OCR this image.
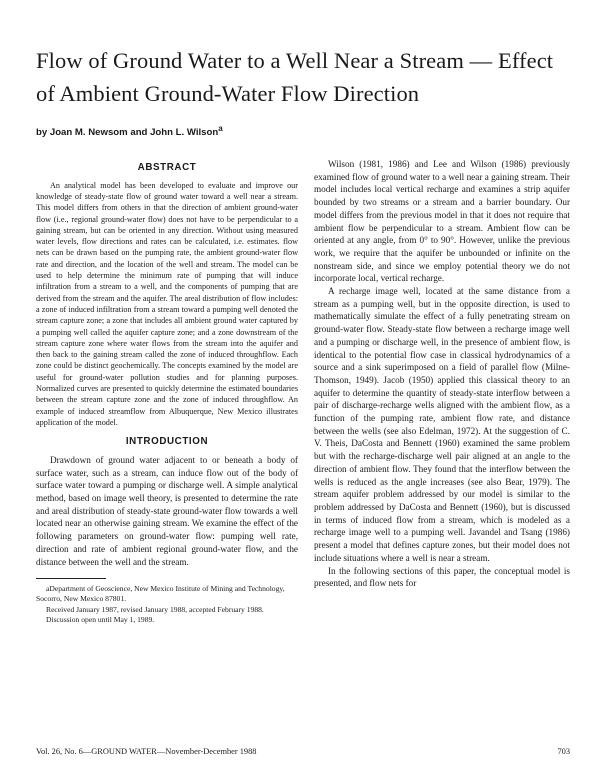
Flow of Ground Water to a Well Near a Stream — Effect of Ambient Ground-Water Flow Direction
by Joan M. Newsom and John L. Wilson$^a$
ABSTRACT

An analytical model has been developed to evaluate and improve our knowledge of steady-state flow of ground water toward a well near a stream. This model differs from others in that the direction of ambient ground-water flow (i.e., regional ground-water flow) does not have to be perpendicular to a gaining stream, but can be oriented in any direction. Without using measured water levels, flow directions and rates can be calculated, i.e. estimates. flow nets can be drawn based on the pumping rate, the ambient ground-water flow rate and direction, and the location of the well and stream. The model can be used to help determine the minimum rate of pumping that will induce infiltration from a stream to a well, and the components of pumping that are derived from the stream and the aquifer. The areal distribution of flow includes: a zone of induced infiltration from a stream toward a pumping well denoted the stream capture zone; a zone that includes all ambient ground water captured by a pumping well called the aquifer capture zone; and a zone downstream of the stream capture zone where water flows from the stream into the aquifer and then back to the gaining stream called the zone of induced throughflow. Each zone could be distinct geochemically. The concepts examined by the model are useful for ground-water pollution studies and for planning purposes. Normalized curves are presented to quickly determine the estimated boundaries between the stream capture zone and the zone of induced throughflow. An example of induced streamflow from Albuquerque, New Mexico illustrates application of the model.

INTRODUCTION

Drawdown of ground water adjacent to or beneath a body of surface water, such as a stream, can induce flow out of the body of surface water toward a pumping or discharge well. A simple analytical method, based on image well theory, is presented to determine the rate and areal distribution of steady-state ground-water flow towards a well located near an otherwise gaining stream. We examine the effect of the following parameters on ground-water flow: pumping well rate, direction and rate of ambient regional ground-water flow, and the distance between the well and the stream.

aDepartment of Geoscience, New Mexico Institute of Mining and Technology, Socorro, New Mexico 87801.

Received January 1987, revised January 1988, accepted February 1988.

Discussion open until May 1, 1989.

Wilson (1981, 1986) and Lee and Wilson (1986) previously examined flow of ground water to a well near a gaining stream. Their model includes local vertical recharge and examines a strip aquifer bounded by two streams or a stream and a barrier boundary. Our model differs from the previous model in that it does not require that ambient flow be perpendicular to a stream. Ambient flow can be oriented at any angle, from 0° to 90°. However, unlike the previous work, we require that the aquifer be unbounded or infinite on the nonstream side, and since we employ potential theory we do not incorporate local, vertical recharge.

A recharge image well, located at the same distance from a stream as a pumping well, but in the opposite direction, is used to mathematically simulate the effect of a fully penetrating stream on ground-water flow. Steady-state flow between a recharge image well and a pumping or discharge well, in the presence of ambient flow, is identical to the potential flow case in classical hydrodynamics of a source and a sink superimposed on a field of parallel flow (Milne-Thomson, 1949). Jacob (1950) applied this classical theory to an aquifer to determine the quantity of steady-state interflow between a pair of discharge-recharge wells aligned with the ambient flow, as a function of the pumping rate, ambient flow rate, and distance between the wells (see also Edelman, 1972). At the suggestion of C. V. Theis, DaCosta and Bennett (1960) examined the same problem but with the recharge-discharge well pair aligned at an angle to the direction of ambient flow. They found that the interflow between the wells is reduced as the angle increases (see also Bear, 1979). The stream aquifer problem addressed by our model is similar to the problem addressed by DaCosta and Bennett (1960), but is discussed in terms of induced flow from a stream, which is modeled as a recharge image well to a pumping well. Javandel and Tsang (1986) present a model that defines capture zones, but their model does not include situations where a well is near a stream.

In the following sections of this paper, the conceptual model is presented, and flow nets for

Vol. 26, No. 6—GROUND WATER—November-December 1988	703
